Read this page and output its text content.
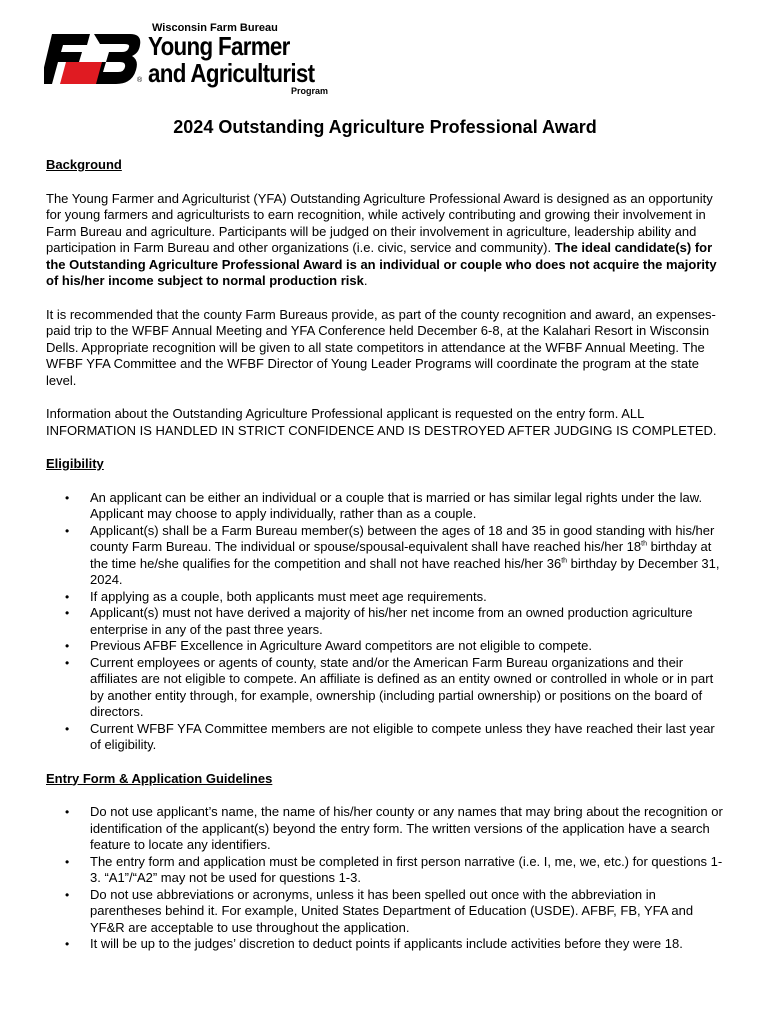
®
Wisconsin Farm Bureau
Young Farmer
and Agriculturist
Program
2024 Outstanding Agriculture Professional Award

Background

The Young Farmer and Agriculturist (YFA) Outstanding Agriculture Professional Award is designed as an opportunity for young farmers and agriculturists to earn recognition, while actively contributing and growing their involvement in Farm Bureau and agriculture. Participants will be judged on their involvement in agriculture, leadership ability and participation in Farm Bureau and other organizations (i.e. civic, service and community). The ideal candidate(s) for the Outstanding Agriculture Professional Award is an individual or couple who does not acquire the majority of his/her income subject to normal production risk.

It is recommended that the county Farm Bureaus provide, as part of the county recognition and award, an expenses-paid trip to the WFBF Annual Meeting and YFA Conference held December 6-8, at the Kalahari Resort in Wisconsin Dells. Appropriate recognition will be given to all state competitors in attendance at the WFBF Annual Meeting. The WFBF YFA Committee and the WFBF Director of Young Leader Programs will coordinate the program at the state level.

Information about the Outstanding Agriculture Professional applicant is requested on the entry form. ALL INFORMATION IS HANDLED IN STRICT CONFIDENCE AND IS DESTROYED AFTER JUDGING IS COMPLETED.

Eligibility

• An applicant can be either an individual or a couple that is married or has similar legal rights under the law. Applicant may choose to apply individually, rather than as a couple.
• Applicant(s) shall be a Farm Bureau member(s) between the ages of 18 and 35 in good standing with his/her county Farm Bureau. The individual or spouse/spousal-equivalent shall have reached his/her 18th birthday at the time he/she qualifies for the competition and shall not have reached his/her 36th birthday by December 31, 2024.
• If applying as a couple, both applicants must meet age requirements.
• Applicant(s) must not have derived a majority of his/her net income from an owned production agriculture enterprise in any of the past three years.
• Previous AFBF Excellence in Agriculture Award competitors are not eligible to compete.
• Current employees or agents of county, state and/or the American Farm Bureau organizations and their affiliates are not eligible to compete. An affiliate is defined as an entity owned or controlled in whole or in part by another entity through, for example, ownership (including partial ownership) or positions on the board of directors.
• Current WFBF YFA Committee members are not eligible to compete unless they have reached their last year of eligibility.

Entry Form & Application Guidelines

• Do not use applicant’s name, the name of his/her county or any names that may bring about the recognition or identification of the applicant(s) beyond the entry form. The written versions of the application have a search feature to locate any identifiers.
• The entry form and application must be completed in first person narrative (i.e. I, me, we, etc.) for questions 1-3. “A1”/“A2” may not be used for questions 1-3.
• Do not use abbreviations or acronyms, unless it has been spelled out once with the abbreviation in parentheses behind it. For example, United States Department of Education (USDE). AFBF, FB, YFA and YF&R are acceptable to use throughout the application.
• It will be up to the judges’ discretion to deduct points if applicants include activities before they were 18.
